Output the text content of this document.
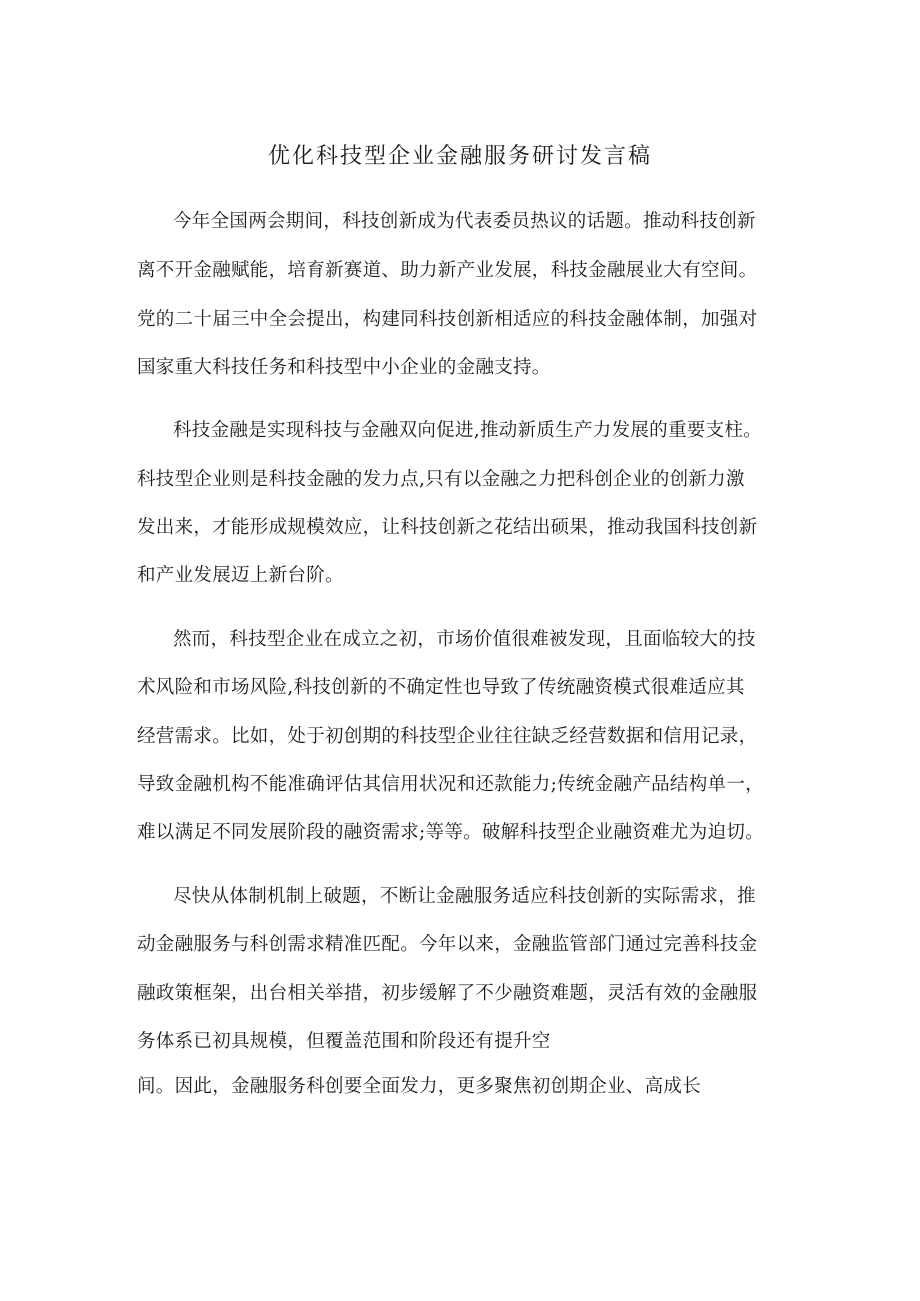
优化科技型企业金融服务研讨发言稿
今年全国两会期间，科技创新成为代表委员热议的话题。推动科技创新
离不开金融赋能，培育新赛道、助力新产业发展，科技金融展业大有空间。
党的二十届三中全会提出，构建同科技创新相适应的科技金融体制，加强对
国家重大科技任务和科技型中小企业的金融支持。
科技金融是实现科技与金融双向促进,推动新质生产力发展的重要支柱。
科技型企业则是科技金融的发力点,只有以金融之力把科创企业的创新力激
发出来，才能形成规模效应，让科技创新之花结出硕果，推动我国科技创新
和产业发展迈上新台阶。
然而，科技型企业在成立之初，市场价值很难被发现，且面临较大的技
术风险和市场风险,科技创新的不确定性也导致了传统融资模式很难适应其
经营需求。比如，处于初创期的科技型企业往往缺乏经营数据和信用记录，
导致金融机构不能准确评估其信用状况和还款能力;传统金融产品结构单一，
难以满足不同发展阶段的融资需求;等等。破解科技型企业融资难尤为迫切。
尽快从体制机制上破题，不断让金融服务适应科技创新的实际需求，推
动金融服务与科创需求精准匹配。今年以来，金融监管部门通过完善科技金
融政策框架，出台相关举措，初步缓解了不少融资难题，灵活有效的金融服
务体系已初具规模，但覆盖范围和阶段还有提升空
间。因此，金融服务科创要全面发力，更多聚焦初创期企业、高成长
